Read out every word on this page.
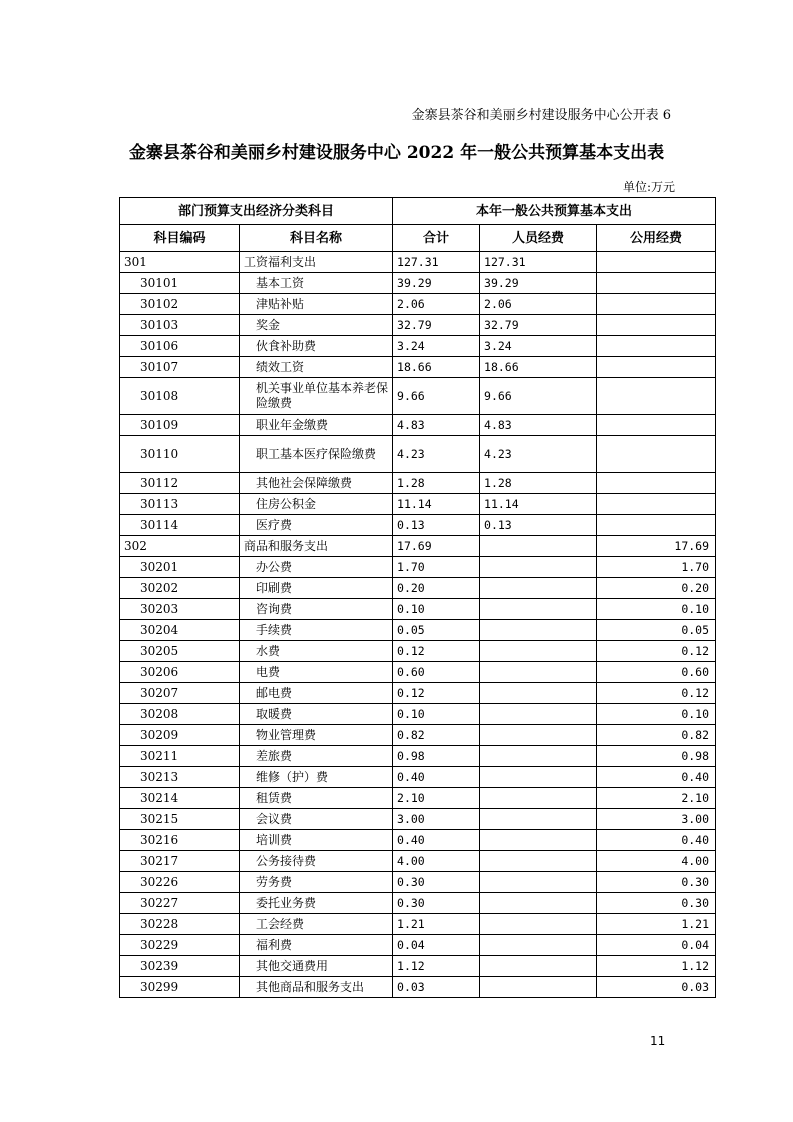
金寨县茶谷和美丽乡村建设服务中心公开表 6
金寨县茶谷和美丽乡村建设服务中心 2022 年一般公共预算基本支出表
单位:万元
部门预算支出经济分类科目		本年一般公共预算基本支出		
科目编码	科目名称	合计	人员经费	公用经费
301	工资福利支出	127.31	127.31	
30101	基本工资	39.29	39.29	
30102	津贴补贴	2.06	2.06	
30103	奖金	32.79	32.79	
30106	伙食补助费	3.24	3.24	
30107	绩效工资	18.66	18.66	
30108	机关事业单位基本养老保险缴费	9.66	9.66	
30109	职业年金缴费	4.83	4.83	
30110	职工基本医疗保险缴费	4.23	4.23	
30112	其他社会保障缴费	1.28	1.28	
30113	住房公积金	11.14	11.14	
30114	医疗费	0.13	0.13	
302	商品和服务支出	17.69		17.69
30201	办公费	1.70		1.70
30202	印刷费	0.20		0.20
30203	咨询费	0.10		0.10
30204	手续费	0.05		0.05
30205	水费	0.12		0.12
30206	电费	0.60		0.60
30207	邮电费	0.12		0.12
30208	取暖费	0.10		0.10
30209	物业管理费	0.82		0.82
30211	差旅费	0.98		0.98
30213	维修（护）费	0.40		0.40
30214	租赁费	2.10		2.10
30215	会议费	3.00		3.00
30216	培训费	0.40		0.40
30217	公务接待费	4.00		4.00
30226	劳务费	0.30		0.30
30227	委托业务费	0.30		0.30
30228	工会经费	1.21		1.21
30229	福利费	0.04		0.04
30239	其他交通费用	1.12		1.12
30299	其他商品和服务支出	0.03		0.03
11
